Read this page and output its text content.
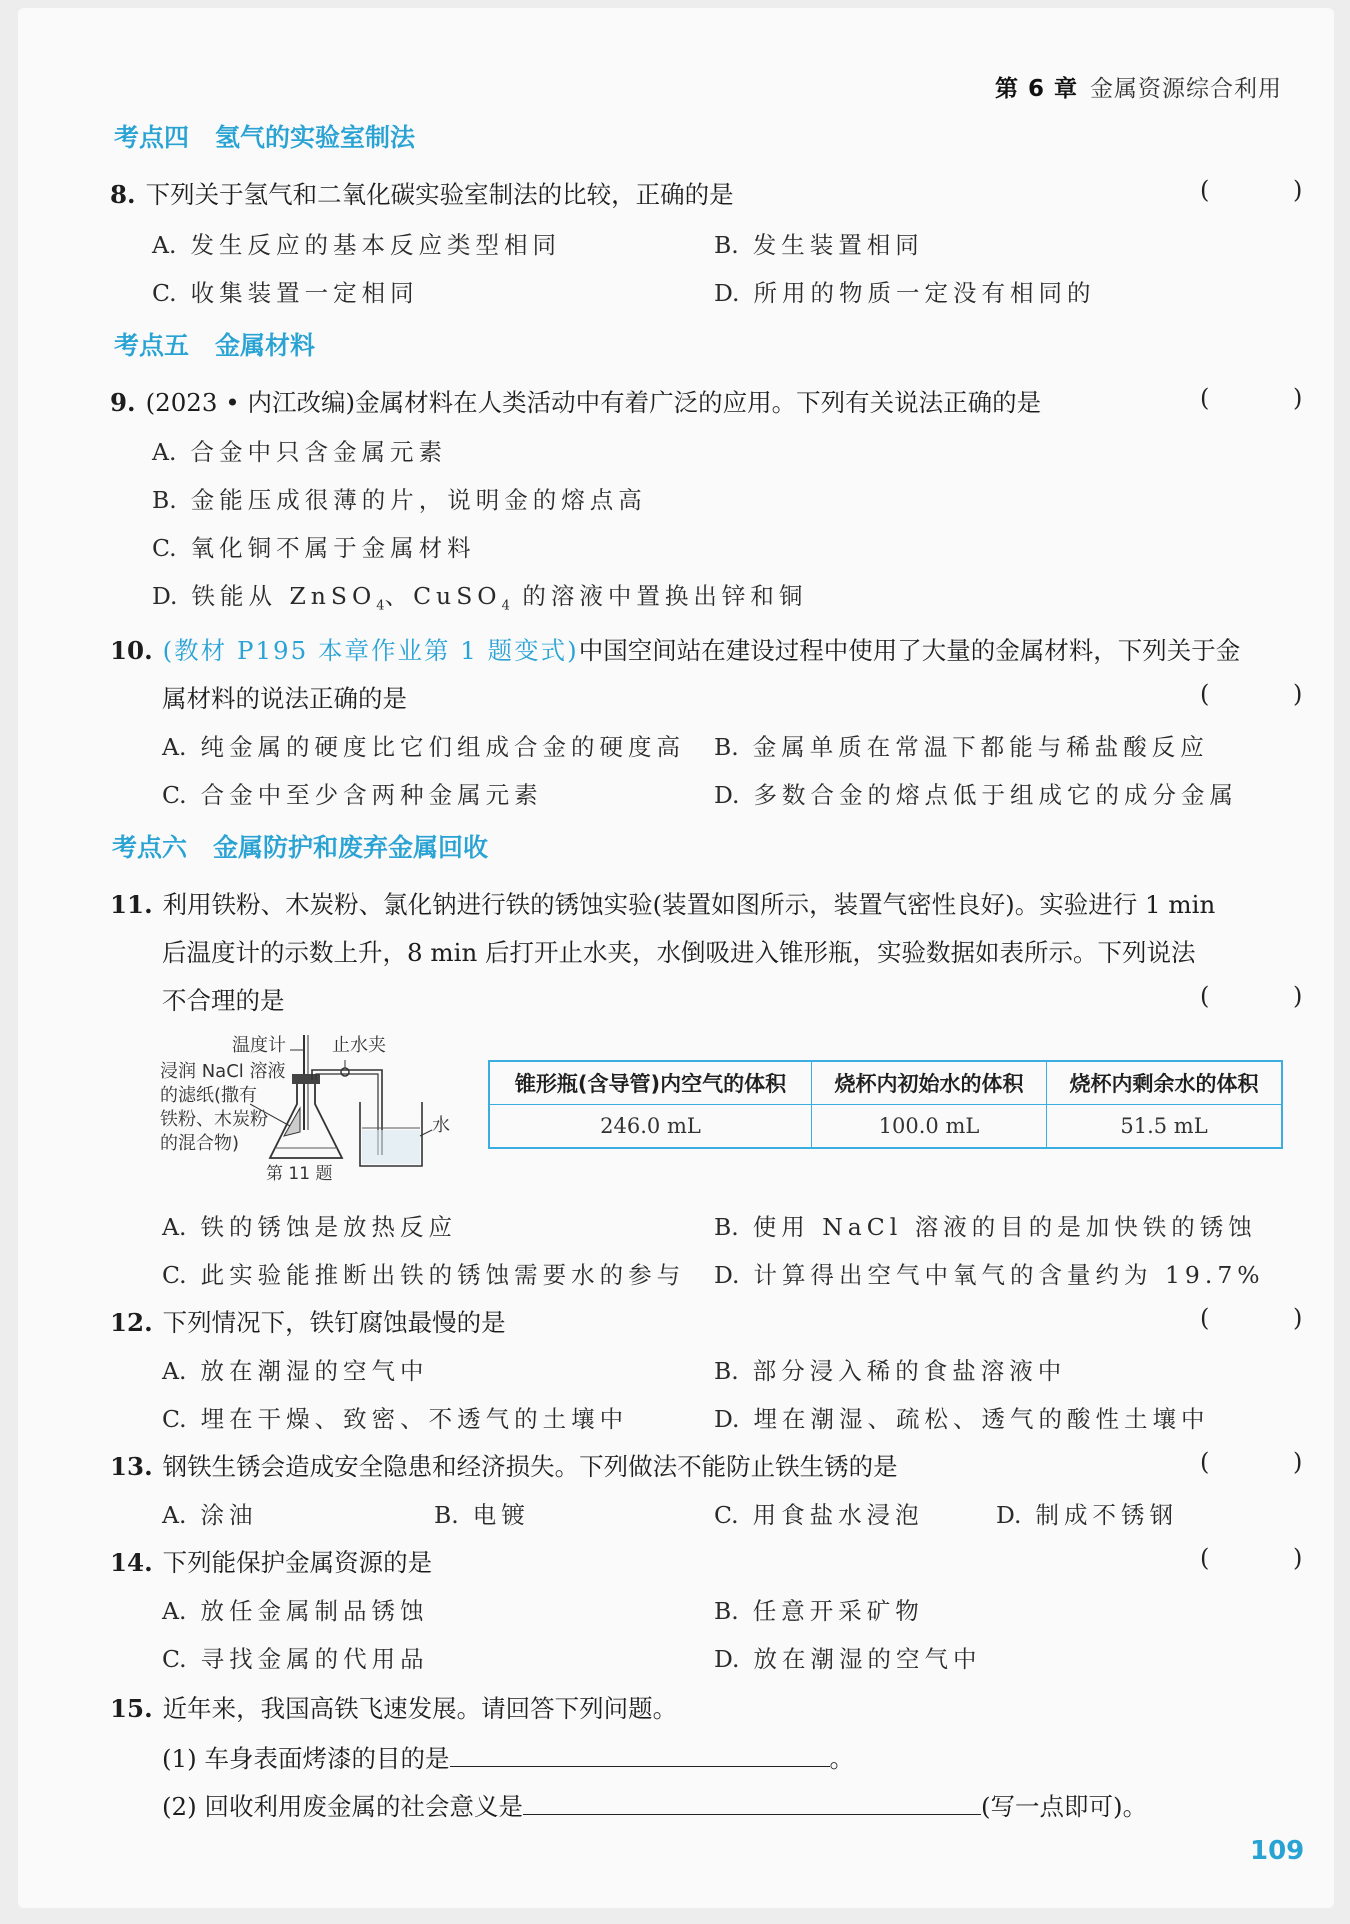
第 6 章 金属资源综合利用
考点四 氢气的实验室制法
8. 下列关于氢气和二氧化碳实验室制法的比较，正确的是	( )
A. 发生反应的基本反应类型相同	B. 发生装置相同
C. 收集装置一定相同	D. 所用的物质一定没有相同的
考点五 金属材料
9. (2023 • 内江改编)金属材料在人类活动中有着广泛的应用。下列有关说法正确的是	( )
A. 合金中只含金属元素
B. 金能压成很薄的片，说明金的熔点高
C. 氧化铜不属于金属材料
D. 铁能从 ZnSO$_4$、CuSO$_4$ 的溶液中置换出锌和铜
10. (教材 P195 本章作业第 1 题变式)中国空间站在建设过程中使用了大量的金属材料，下列关于金
属材料的说法正确的是	( )
A. 纯金属的硬度比它们组成合金的硬度高 B. 金属单质在常温下都能与稀盐酸反应
C. 合金中至少含两种金属元素	D. 多数合金的熔点低于组成它的成分金属
考点六 金属防护和废弃金属回收
11. 利用铁粉、木炭粉、氯化钠进行铁的锈蚀实验(装置如图所示，装置气密性良好)。实验进行 1 min
后温度计的示数上升，8 min 后打开止水夹，水倒吸进入锥形瓶，实验数据如表所示。下列说法
不合理的是	( )
温度计	止水夹
浸润 NaCl 溶液
的滤纸(撒有
铁粉、木炭粉
的混合物)
水
第 11 题
锥形瓶(含导管)内空气的体积	烧杯内初始水的体积	烧杯内剩余水的体积
246.0 mL	100.0 mL	51.5 mL
A. 铁的锈蚀是放热反应	B. 使用 NaCl 溶液的目的是加快铁的锈蚀
C. 此实验能推断出铁的锈蚀需要水的参与 D. 计算得出空气中氧气的含量约为 19.7%
12. 下列情况下，铁钉腐蚀最慢的是	( )
A. 放在潮湿的空气中	B. 部分浸入稀的食盐溶液中
C. 埋在干燥、致密、不透气的土壤中	D. 埋在潮湿、疏松、透气的酸性土壤中
13. 钢铁生锈会造成安全隐患和经济损失。下列做法不能防止铁生锈的是	( )
A. 涂油	B. 电镀	C. 用食盐水浸泡	D. 制成不锈钢
14. 下列能保护金属资源的是	( )
A. 放任金属制品锈蚀	B. 任意开采矿物
C. 寻找金属的代用品	D. 放在潮湿的空气中
15. 近年来，我国高铁飞速发展。请回答下列问题。
(1) 车身表面烤漆的目的是	。
(2) 回收利用废金属的社会意义是	(写一点即可)。
109
